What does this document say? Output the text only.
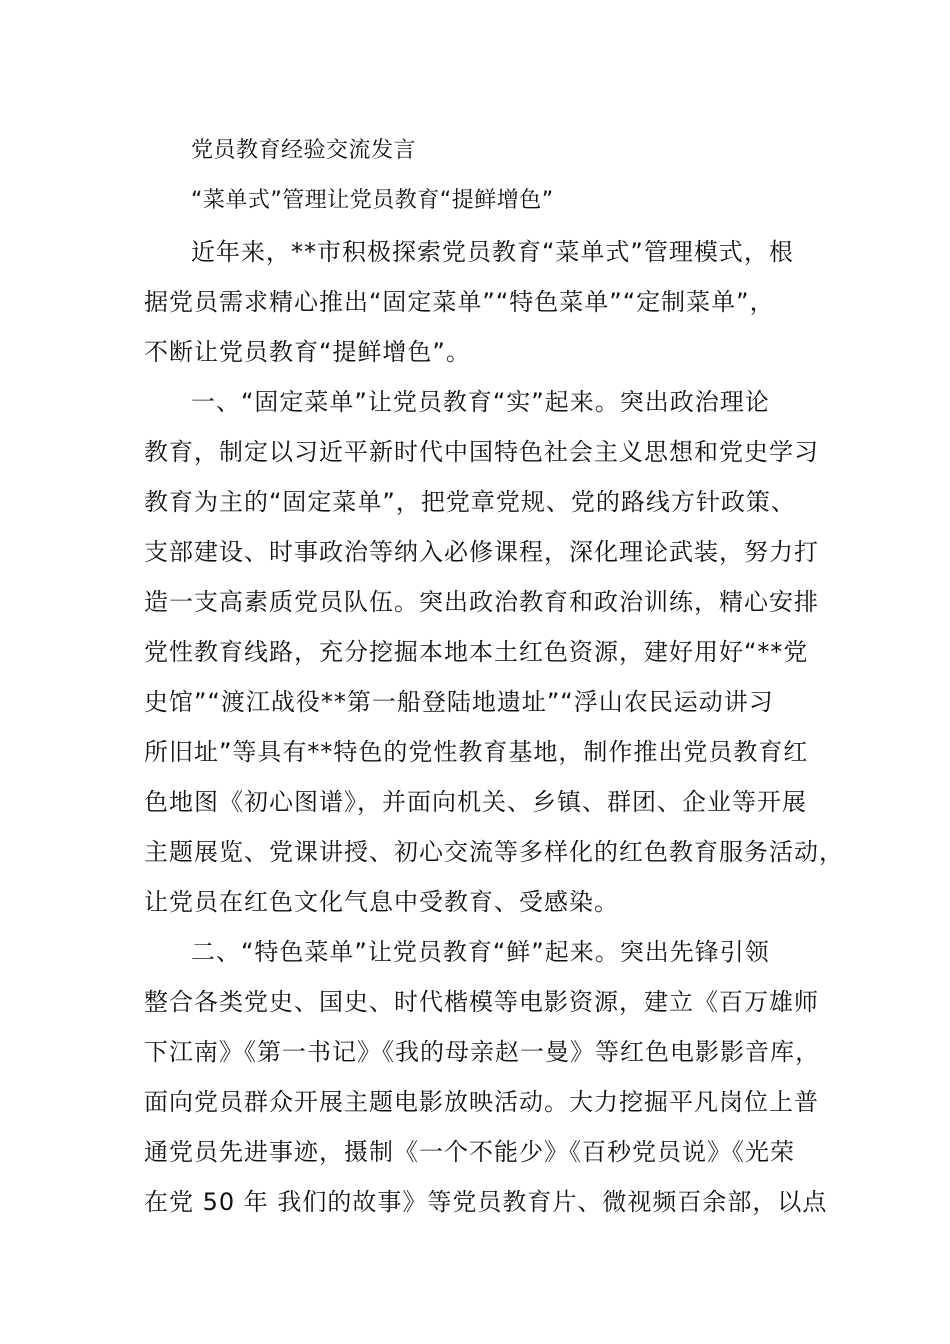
党员教育经验交流发言
“菜单式”管理让党员教育“提鲜增色”
近年来，**市积极探索党员教育“菜单式”管理模式，根
据党员需求精心推出“固定菜单”“特色菜单”“定制菜单”，
不断让党员教育“提鲜增色”。
一、“固定菜单”让党员教育“实”起来。突出政治理论
教育，制定以习近平新时代中国特色社会主义思想和党史学习
教育为主的“固定菜单”，把党章党规、党的路线方针政策、
支部建设、时事政治等纳入必修课程，深化理论武装，努力打
造一支高素质党员队伍。突出政治教育和政治训练，精心安排
党性教育线路，充分挖掘本地本土红色资源，建好用好“**党
史馆”“渡江战役**第一船登陆地遗址”“浮山农民运动讲习
所旧址”等具有**特色的党性教育基地，制作推出党员教育红
色地图《初心图谱》，并面向机关、乡镇、群团、企业等开展
主题展览、党课讲授、初心交流等多样化的红色教育服务活动，
让党员在红色文化气息中受教育、受感染。
二、“特色菜单”让党员教育“鲜”起来。突出先锋引领
整合各类党史、国史、时代楷模等电影资源，建立《百万雄师
下江南》《第一书记》《我的母亲赵一曼》等红色电影影音库，
面向党员群众开展主题电影放映活动。大力挖掘平凡岗位上普
通党员先进事迹，摄制《一个不能少》《百秒党员说》《光荣
在党 50 年 我们的故事》等党员教育片、微视频百余部，以点
